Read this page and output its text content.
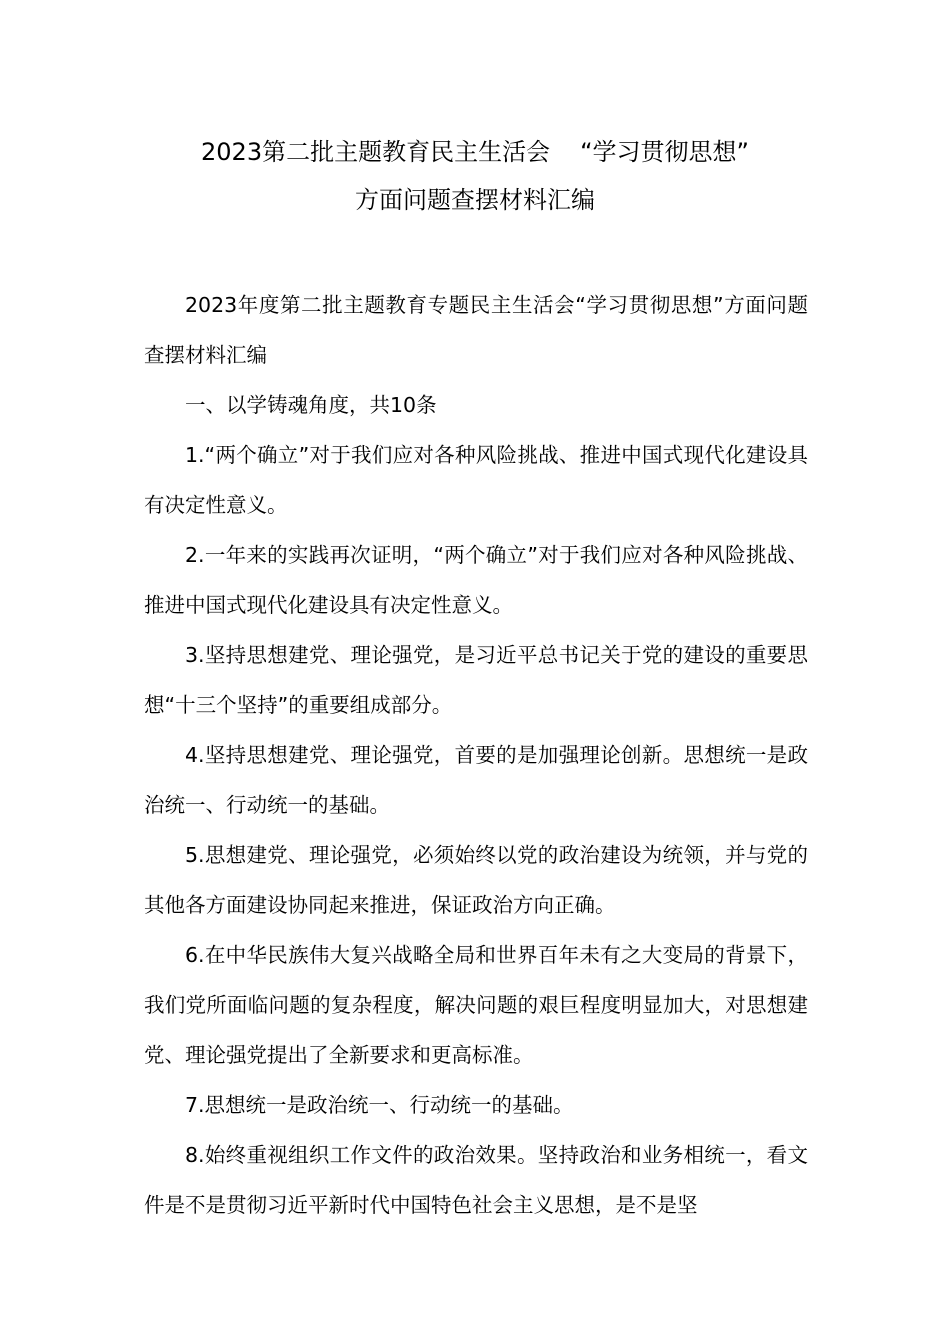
2023第二批主题教育民主生活会 “学习贯彻思想”
方面问题查摆材料汇编

2023年度第二批主题教育专题民主生活会“学习贯彻思想”方面问题查摆材料汇编

一、以学铸魂角度，共10条

1.“两个确立”对于我们应对各种风险挑战、推进中国式现代化建设具有决定性意义。

2.一年来的实践再次证明，“两个确立”对于我们应对各种风险挑战、推进中国式现代化建设具有决定性意义。

3.坚持思想建党、理论强党，是习近平总书记关于党的建设的重要思想“十三个坚持”的重要组成部分。

4.坚持思想建党、理论强党，首要的是加强理论创新。思想统一是政治统一、行动统一的基础。

5.思想建党、理论强党，必须始终以党的政治建设为统领，并与党的其他各方面建设协同起来推进，保证政治方向正确。

6.在中华民族伟大复兴战略全局和世界百年未有之大变局的背景下，我们党所面临问题的复杂程度，解决问题的艰巨程度明显加大，对思想建党、理论强党提出了全新要求和更高标准。

7.思想统一是政治统一、行动统一的基础。

8.始终重视组织工作文件的政治效果。坚持政治和业务相统一，看文件是不是贯彻习近平新时代中国特色社会主义思想，是不是坚
